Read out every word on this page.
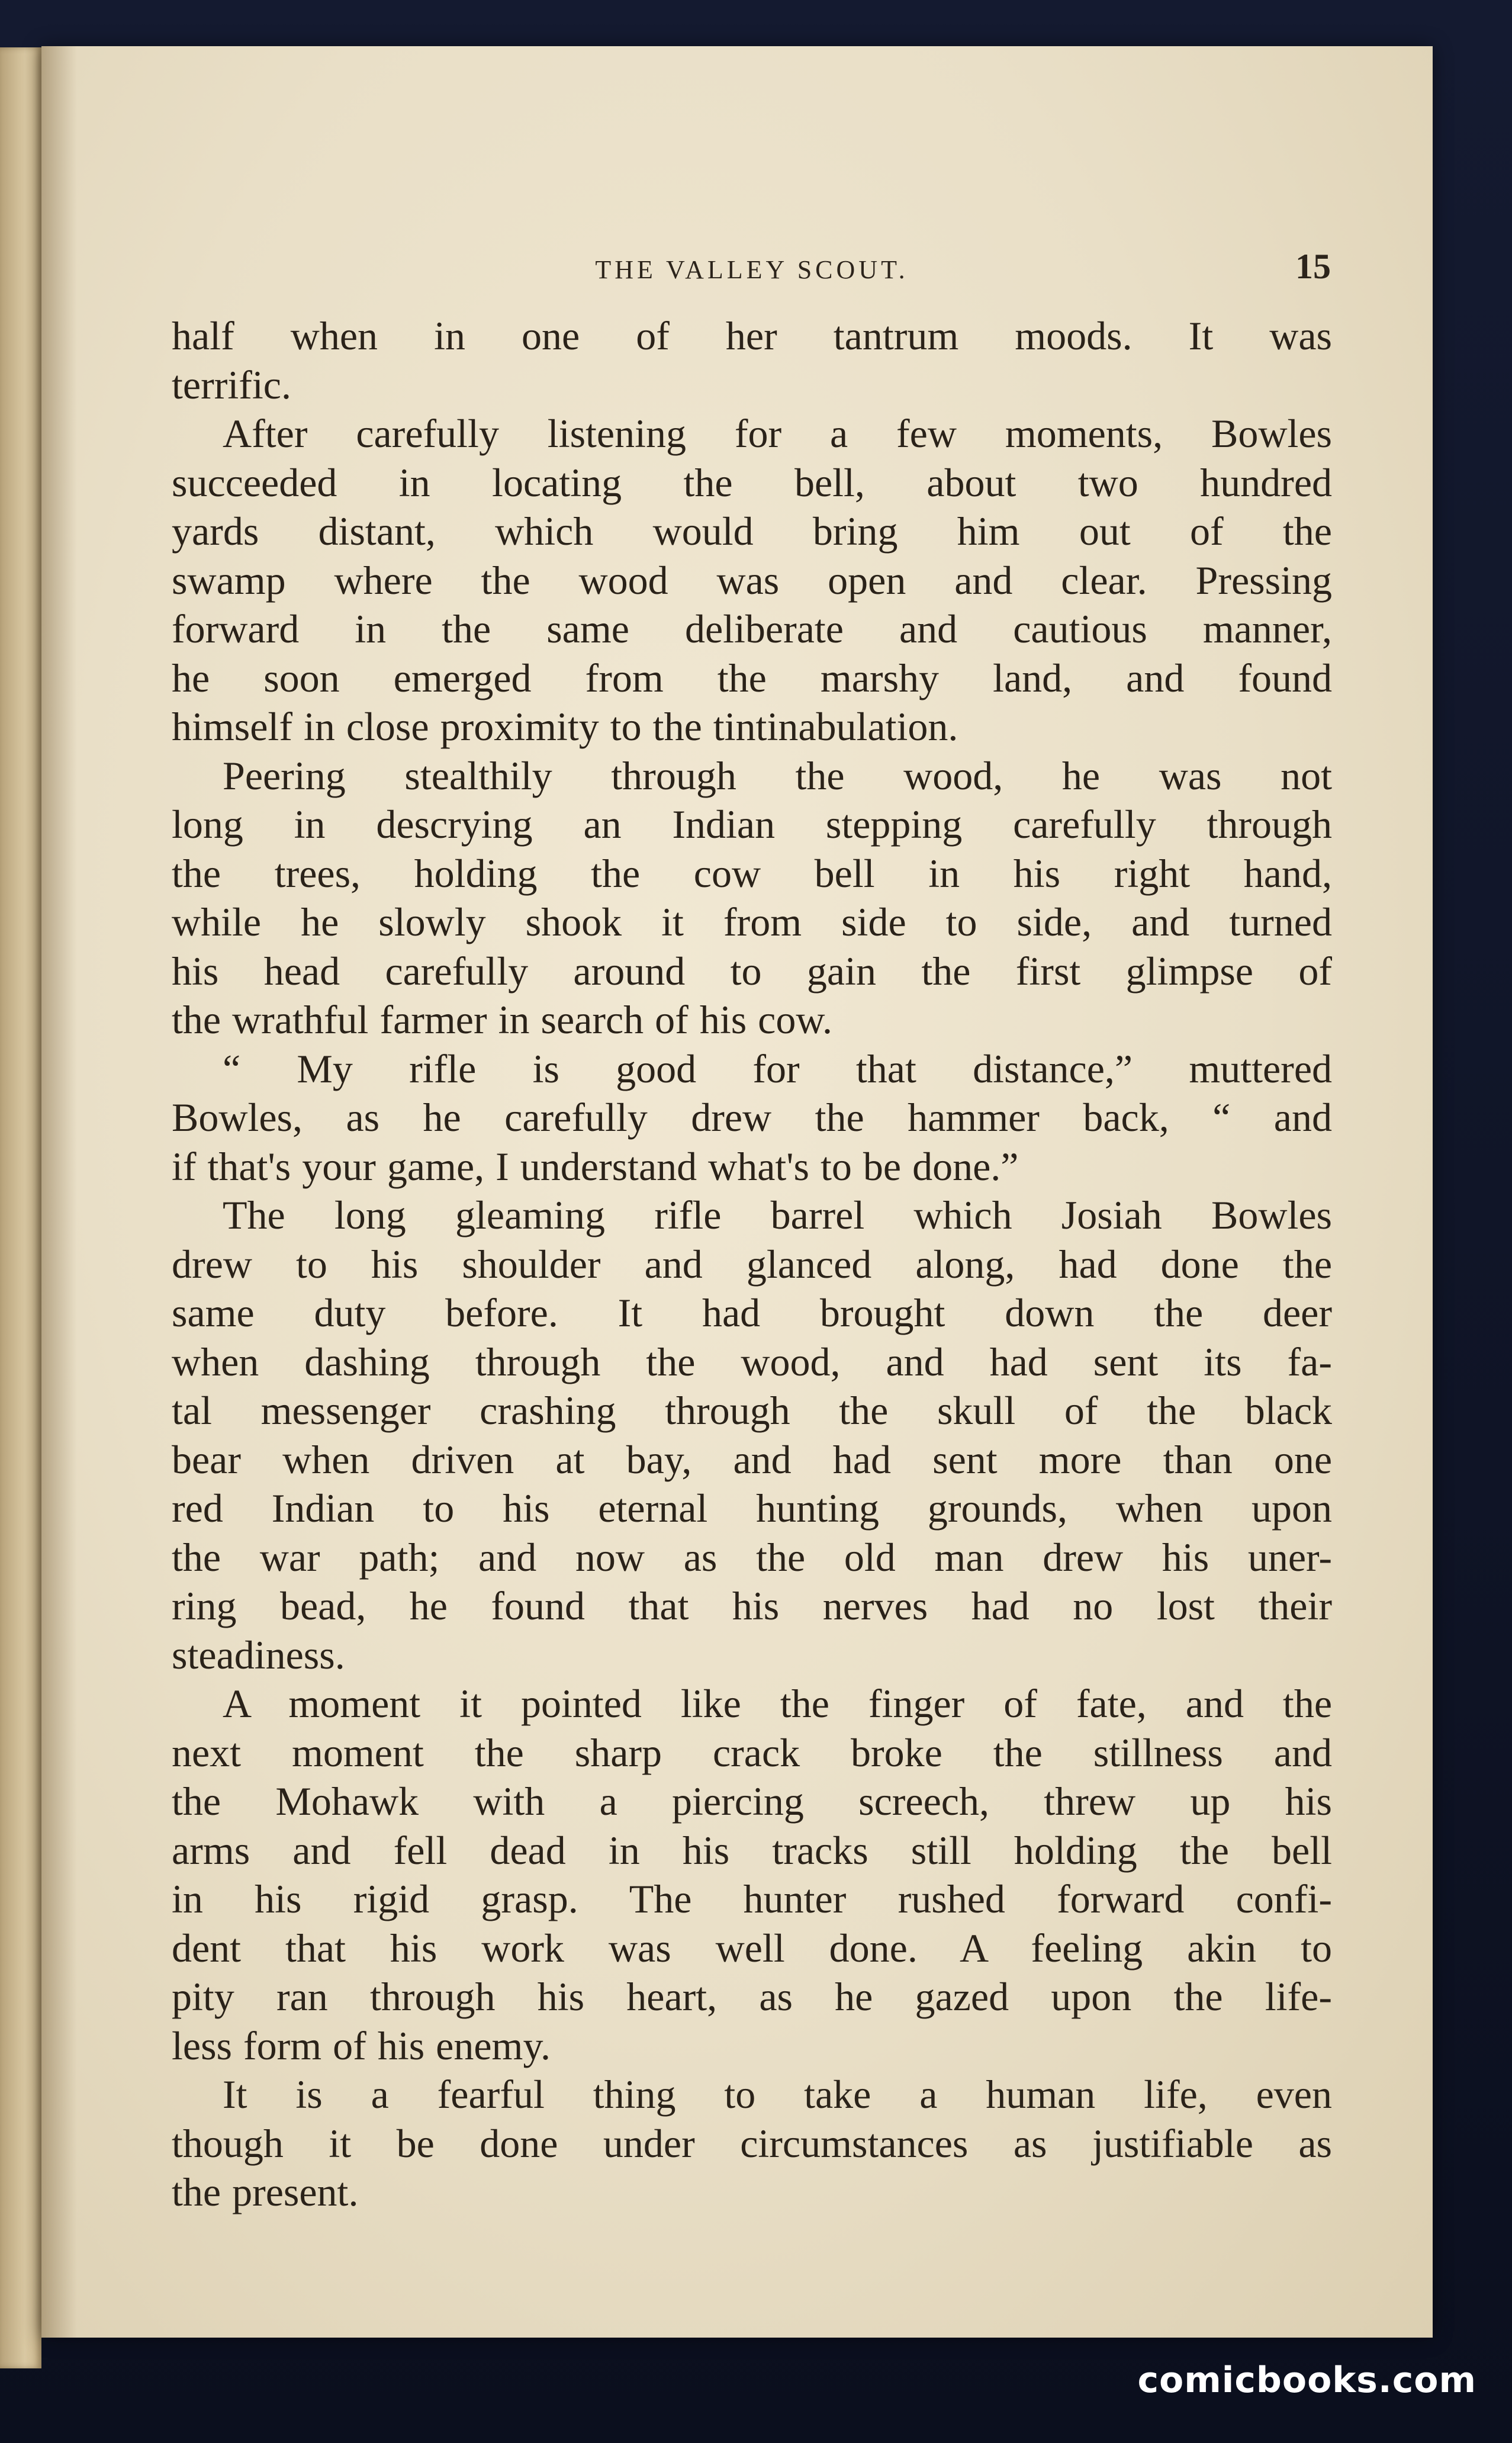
THE VALLEY SCOUT.	15
half when in one of her tantrum moods. It was
terrific.
After carefully listening for a few moments, Bowles
succeeded in locating the bell, about two hundred
yards distant, which would bring him out of the
swamp where the wood was open and clear. Pressing
forward in the same deliberate and cautious manner,
he soon emerged from the marshy land, and found
himself in close proximity to the tintinabulation.
Peering stealthily through the wood, he was not
long in descrying an Indian stepping carefully through
the trees, holding the cow bell in his right hand,
while he slowly shook it from side to side, and turned
his head carefully around to gain the first glimpse of
the wrathful farmer in search of his cow.
“ My rifle is good for that distance,” muttered
Bowles, as he carefully drew the hammer back, “ and
if that's your game, I understand what's to be done.”
The long gleaming rifle barrel which Josiah Bowles
drew to his shoulder and glanced along, had done the
same duty before. It had brought down the deer
when dashing through the wood, and had sent its fa-
tal messenger crashing through the skull of the black
bear when driven at bay, and had sent more than one
red Indian to his eternal hunting grounds, when upon
the war path; and now as the old man drew his uner-
ring bead, he found that his nerves had no lost their
steadiness.
A moment it pointed like the finger of fate, and the
next moment the sharp crack broke the stillness and
the Mohawk with a piercing screech, threw up his
arms and fell dead in his tracks still holding the bell
in his rigid grasp. The hunter rushed forward confi-
dent that his work was well done. A feeling akin to
pity ran through his heart, as he gazed upon the life-
less form of his enemy.
It is a fearful thing to take a human life, even
though it be done under circumstances as justifiable as
the present.
comicbooks.com
